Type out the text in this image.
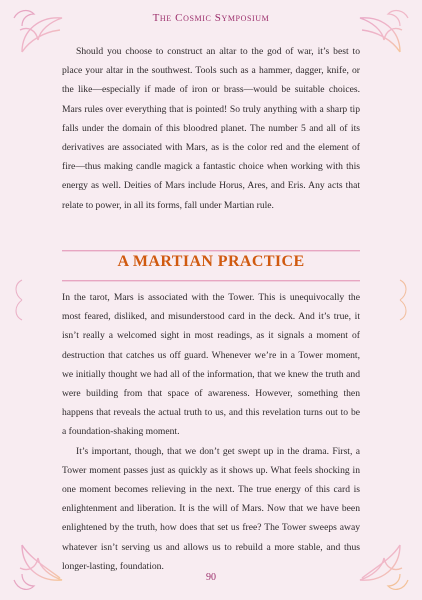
The Cosmic Symposium

Should you choose to construct an altar to the god of war, it’s best to place your altar in the southwest. Tools such as a hammer, dagger, knife, or the like—especially if made of iron or brass—would be suitable choices. Mars rules over everything that is pointed! So truly anything with a sharp tip falls under the domain of this bloodred planet. The number 5 and all of its derivatives are associated with Mars, as is the color red and the element of fire—thus making candle magick a fantastic choice when working with this energy as well. Deities of Mars include Horus, Ares, and Eris. Any acts that relate to power, in all its forms, fall under Martian rule.

A MARTIAN PRACTICE

In the tarot, Mars is associated with the Tower. This is unequivocally the most feared, disliked, and misunderstood card in the deck. And it’s true, it isn’t really a welcomed sight in most readings, as it signals a moment of destruction that catches us off guard. Whenever we’re in a Tower moment, we initially thought we had all of the information, that we knew the truth and were building from that space of awareness. However, something then happens that reveals the actual truth to us, and this revelation turns out to be a foundation-shaking moment.

It’s important, though, that we don’t get swept up in the drama. First, a Tower moment passes just as quickly as it shows up. What feels shocking in one moment becomes relieving in the next. The true energy of this card is enlightenment and liberation. It is the will of Mars. Now that we have been enlightened by the truth, how does that set us free? The Tower sweeps away whatever isn’t serving us and allows us to rebuild a more stable, and thus longer-lasting, foundation.

90
